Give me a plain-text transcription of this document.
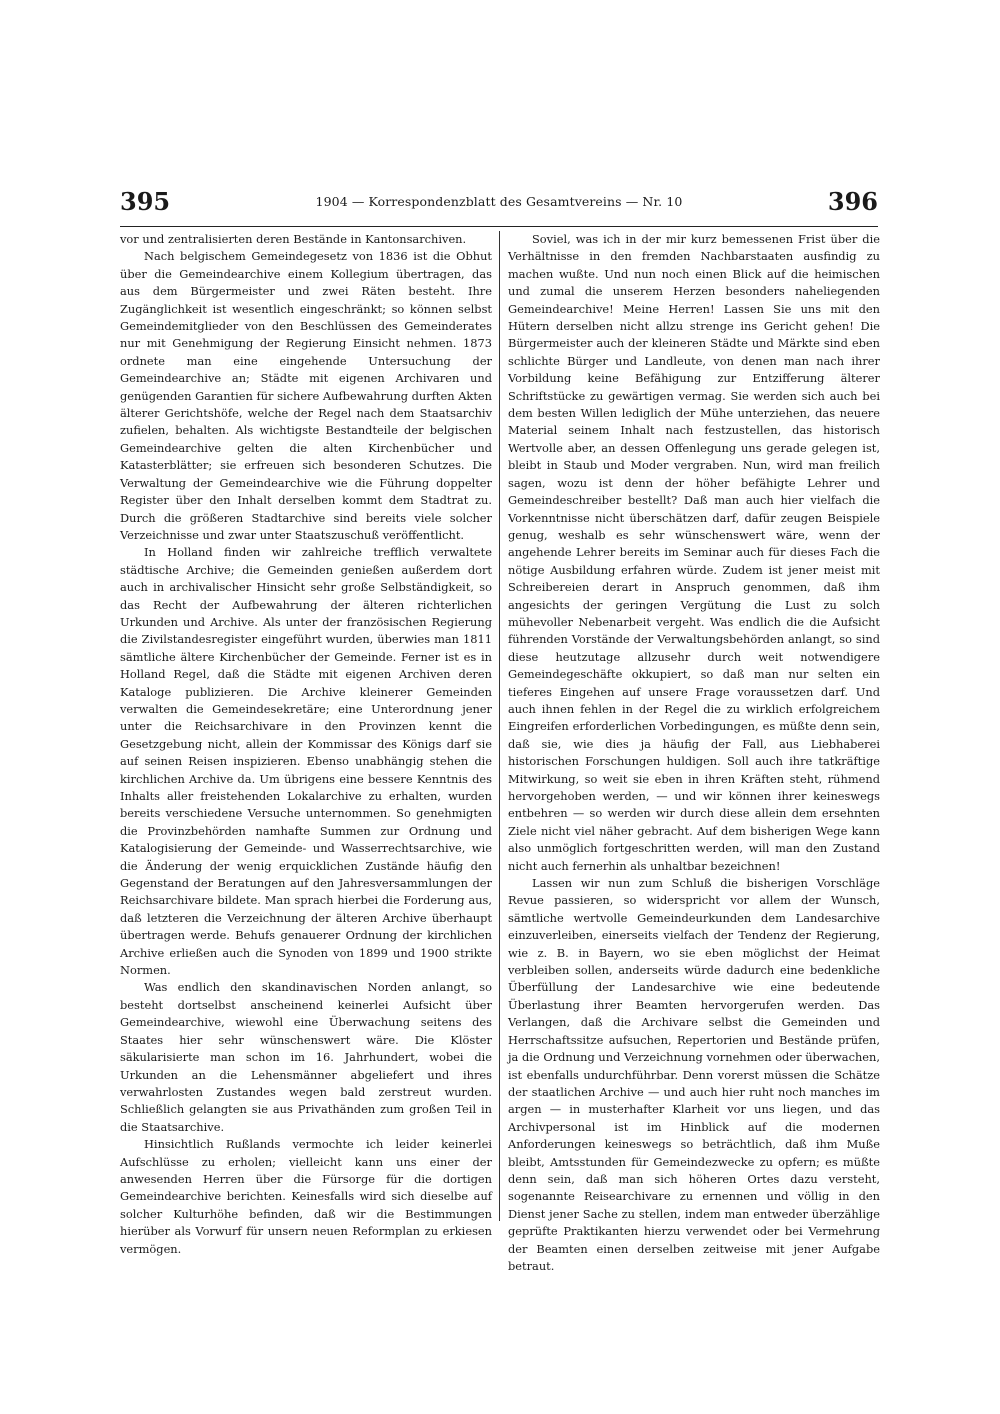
395	1904 — Korrespondenzblatt des Gesamtvereins — Nr. 10	396

vor und zentralisierten deren Bestände in Kantonsarchiven.

Nach belgischem Gemeindegesetz von 1836 ist die Obhut über die Gemeindearchive einem Kollegium übertragen, das aus dem Bürgermeister und zwei Räten besteht. Ihre Zugänglichkeit ist wesentlich eingeschränkt; so können selbst Gemeindemitglieder von den Beschlüssen des Gemeinderates nur mit Genehmigung der Regierung Einsicht nehmen. 1873 ordnete man eine eingehende Untersuchung der Gemeindearchive an; Städte mit eigenen Archivaren und genügenden Garantien für sichere Aufbewahrung durften Akten älterer Gerichtshöfe, welche der Regel nach dem Staatsarchiv zufielen, behalten. Als wichtigste Bestandteile der belgischen Gemeindearchive gelten die alten Kirchenbücher und Katasterblätter; sie erfreuen sich besonderen Schutzes. Die Verwaltung der Gemeindearchive wie die Führung doppelter Register über den Inhalt derselben kommt dem Stadtrat zu. Durch die größeren Stadtarchive sind bereits viele solcher Verzeichnisse und zwar unter Staatszuschuß veröffentlicht.

In Holland finden wir zahlreiche trefflich verwaltete städtische Archive; die Gemeinden genießen außerdem dort auch in archivalischer Hinsicht sehr große Selbständigkeit, so das Recht der Aufbewahrung der älteren richterlichen Urkunden und Archive. Als unter der französischen Regierung die Zivilstandesregister eingeführt wurden, überwies man 1811 sämtliche ältere Kirchenbücher der Gemeinde. Ferner ist es in Holland Regel, daß die Städte mit eigenen Archiven deren Kataloge publizieren. Die Archive kleinerer Gemeinden verwalten die Gemeindesekretäre; eine Unterordnung jener unter die Reichsarchivare in den Provinzen kennt die Gesetzgebung nicht, allein der Kommissar des Königs darf sie auf seinen Reisen inspizieren. Ebenso unabhängig stehen die kirchlichen Archive da. Um übrigens eine bessere Kenntnis des Inhalts aller freistehenden Lokalarchive zu erhalten, wurden bereits verschiedene Versuche unternommen. So genehmigten die Provinzbehörden namhafte Summen zur Ordnung und Katalogisierung der Gemeinde- und Wasserrechtsarchive, wie die Änderung der wenig erquicklichen Zustände häufig den Gegenstand der Beratungen auf den Jahresversammlungen der Reichsarchivare bildete. Man sprach hierbei die Forderung aus, daß letzteren die Verzeichnung der älteren Archive überhaupt übertragen werde. Behufs genauerer Ordnung der kirchlichen Archive erließen auch die Synoden von 1899 und 1900 strikte Normen.

Was endlich den skandinavischen Norden anlangt, so besteht dortselbst anscheinend keinerlei Aufsicht über Gemeindearchive, wiewohl eine Überwachung seitens des Staates hier sehr wünschenswert wäre. Die Klöster säkularisierte man schon im 16. Jahrhundert, wobei die Urkunden an die Lehensmänner abgeliefert und ihres verwahrlosten Zustandes wegen bald zerstreut wurden. Schließlich gelangten sie aus Privathänden zum großen Teil in die Staatsarchive.

Hinsichtlich Rußlands vermochte ich leider keinerlei Aufschlüsse zu erholen; vielleicht kann uns einer der anwesenden Herren über die Fürsorge für die dortigen Gemeindearchive berichten. Keinesfalls wird sich dieselbe auf solcher Kulturhöhe befinden, daß wir die Bestimmungen hierüber als Vorwurf für unsern neuen Reformplan zu erkiesen vermögen.

Soviel, was ich in der mir kurz bemessenen Frist über die Verhältnisse in den fremden Nachbarstaaten ausfindig zu machen wußte. Und nun noch einen Blick auf die heimischen und zumal die unserem Herzen besonders naheliegenden Gemeindearchive! Meine Herren! Lassen Sie uns mit den Hütern derselben nicht allzu strenge ins Gericht gehen! Die Bürgermeister auch der kleineren Städte und Märkte sind eben schlichte Bürger und Landleute, von denen man nach ihrer Vorbildung keine Befähigung zur Entzifferung älterer Schriftstücke zu gewärtigen vermag. Sie werden sich auch bei dem besten Willen lediglich der Mühe unterziehen, das neuere Material seinem Inhalt nach festzustellen, das historisch Wertvolle aber, an dessen Offenlegung uns gerade gelegen ist, bleibt in Staub und Moder vergraben. Nun, wird man freilich sagen, wozu ist denn der höher befähigte Lehrer und Gemeindeschreiber bestellt? Daß man auch hier vielfach die Vorkenntnisse nicht überschätzen darf, dafür zeugen Beispiele genug, weshalb es sehr wünschenswert wäre, wenn der angehende Lehrer bereits im Seminar auch für dieses Fach die nötige Ausbildung erfahren würde. Zudem ist jener meist mit Schreibereien derart in Anspruch genommen, daß ihm angesichts der geringen Vergütung die Lust zu solch mühevoller Nebenarbeit vergeht. Was endlich die die Aufsicht führenden Vorstände der Verwaltungsbehörden anlangt, so sind diese heutzutage allzusehr durch weit notwendigere Gemeindegeschäfte okkupiert, so daß man nur selten ein tieferes Eingehen auf unsere Frage voraussetzen darf. Und auch ihnen fehlen in der Regel die zu wirklich erfolgreichem Eingreifen erforderlichen Vorbedingungen, es müßte denn sein, daß sie, wie dies ja häufig der Fall, aus Liebhaberei historischen Forschungen huldigen. Soll auch ihre tatkräftige Mitwirkung, so weit sie eben in ihren Kräften steht, rühmend hervorgehoben werden, — und wir können ihrer keineswegs entbehren — so werden wir durch diese allein dem ersehnten Ziele nicht viel näher gebracht. Auf dem bisherigen Wege kann also unmöglich fortgeschritten werden, will man den Zustand nicht auch fernerhin als unhaltbar bezeichnen!

Lassen wir nun zum Schluß die bisherigen Vorschläge Revue passieren, so widerspricht vor allem der Wunsch, sämtliche wertvolle Gemeindeurkunden dem Landesarchive einzuverleiben, einerseits vielfach der Tendenz der Regierung, wie z. B. in Bayern, wo sie eben möglichst der Heimat verbleiben sollen, anderseits würde dadurch eine bedenkliche Überfüllung der Landesarchive wie eine bedeutende Überlastung ihrer Beamten hervorgerufen werden. Das Verlangen, daß die Archivare selbst die Gemeinden und Herrschaftssitze aufsuchen, Repertorien und Bestände prüfen, ja die Ordnung und Verzeichnung vornehmen oder überwachen, ist ebenfalls undurchführbar. Denn vorerst müssen die Schätze der staatlichen Archive — und auch hier ruht noch manches im argen — in musterhafter Klarheit vor uns liegen, und das Archivpersonal ist im Hinblick auf die modernen Anforderungen keineswegs so beträchtlich, daß ihm Muße bleibt, Amtsstunden für Gemeindezwecke zu opfern; es müßte denn sein, daß man sich höheren Ortes dazu versteht, sogenannte Reisearchivare zu ernennen und völlig in den Dienst jener Sache zu stellen, indem man entweder überzählige geprüfte Praktikanten hierzu verwendet oder bei Vermehrung der Beamten einen derselben zeitweise mit jener Aufgabe betraut.
